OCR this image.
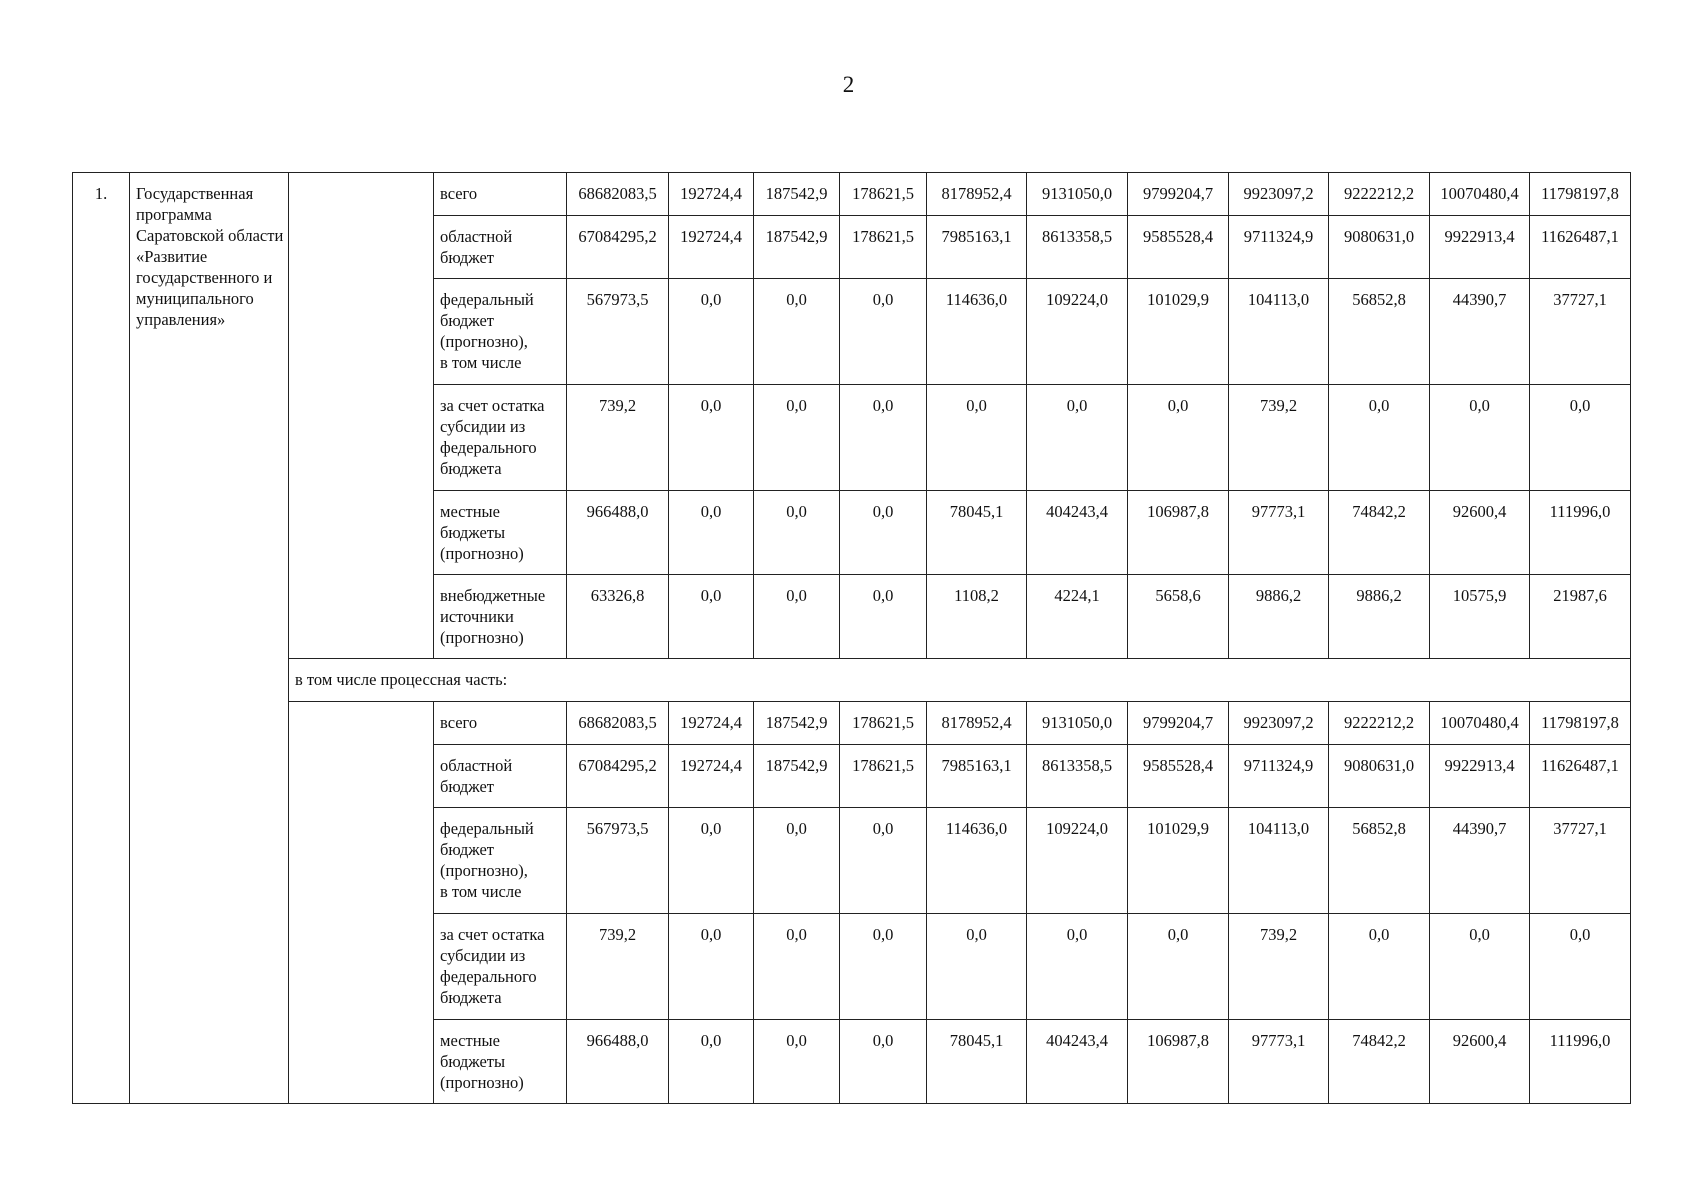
2
1.	Государственная программа Саратовской области «Развитие государственного и муниципального управления»		всего	68682083,5	192724,4	187542,9	178621,5	8178952,4	9131050,0	9799204,7	9923097,2	9222212,2	10070480,4	11798197,8

			областной
бюджет	67084295,2	192724,4	187542,9	178621,5	7985163,1	8613358,5	9585528,4	9711324,9	9080631,0	9922913,4	11626487,1

			федеральный
бюджет
(прогнозно),
в том числе	567973,5	0,0	0,0	0,0	114636,0	109224,0	101029,9	104113,0	56852,8	44390,7	37727,1

			за счет остатка
субсидии из
федерального
бюджета	739,2	0,0	0,0	0,0	0,0	0,0	0,0	739,2	0,0	0,0	0,0

			местные
бюджеты
(прогнозно)	966488,0	0,0	0,0	0,0	78045,1	404243,4	106987,8	97773,1	74842,2	92600,4	111996,0

			внебюджетные
источники
(прогнозно)	63326,8	0,0	0,0	0,0	1108,2	4224,1	5658,6	9886,2	9886,2	10575,9	21987,6
		в том числе процессная часть:												

			всего	68682083,5	192724,4	187542,9	178621,5	8178952,4	9131050,0	9799204,7	9923097,2	9222212,2	10070480,4	11798197,8

			областной
бюджет	67084295,2	192724,4	187542,9	178621,5	7985163,1	8613358,5	9585528,4	9711324,9	9080631,0	9922913,4	11626487,1

			федеральный
бюджет
(прогнозно),
в том числе	567973,5	0,0	0,0	0,0	114636,0	109224,0	101029,9	104113,0	56852,8	44390,7	37727,1

			за счет остатка
субсидии из
федерального
бюджета	739,2	0,0	0,0	0,0	0,0	0,0	0,0	739,2	0,0	0,0	0,0

			местные
бюджеты
(прогнозно)	966488,0	0,0	0,0	0,0	78045,1	404243,4	106987,8	97773,1	74842,2	92600,4	111996,0
